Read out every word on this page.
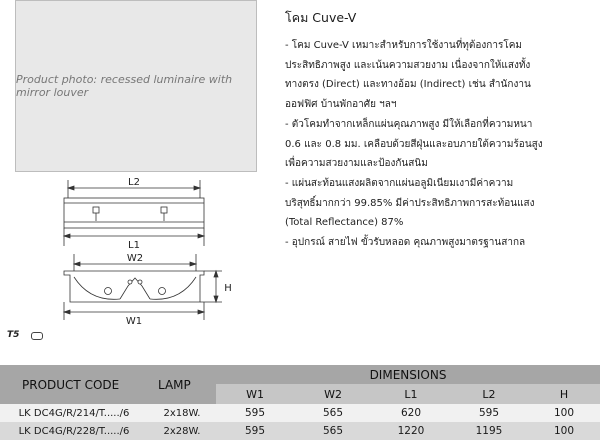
Product photo: recessed luminaire with mirror louver
โคม Cuve-V

- โคม Cuve-V เหมาะสำหรับการใช้งานที่ทุต้องการโคม

ประสิทธิภาพสูง และเน้นความสวยงาม เนื่องจากให้แสงทั้ง

ทางตรง (Direct) และทางอ้อม (Indirect) เช่น สำนักงาน

ออฟฟิศ บ้านพักอาศัย ฯลฯ

- ตัวโคมทำจากเหล็กแผ่นคุณภาพสูง มีให้เลือกที่ความหนา

0.6 และ 0.8 มม. เคลือบด้วยสีฝุ่นและอบภายใต้ความร้อนสูง

เพื่อความสวยงามและป้องกันสนิม

- แผ่นสะท้อนแสงผลิตจากแผ่นอลูมิเนียมเงามีค่าความ

บริสุทธิ์มากกว่า 99.85% มีค่าประสิทธิภาพการสะท้อนแสง

(Total Reflectance) 87%

- อุปกรณ์ สายไฟ ขั้วรับหลอด คุณภาพสูงมาตรฐานสากล

L2
L1
W2
H
W1
T5
PRODUCT CODE	LAMP	DIMENSIONS				
		W1	W2	L1	L2	H
LK DC4G/R/214/T...../6	2x18W.	595	565	620	595	100
LK DC4G/R/228/T...../6	2x28W.	595	565	1220	1195	100
